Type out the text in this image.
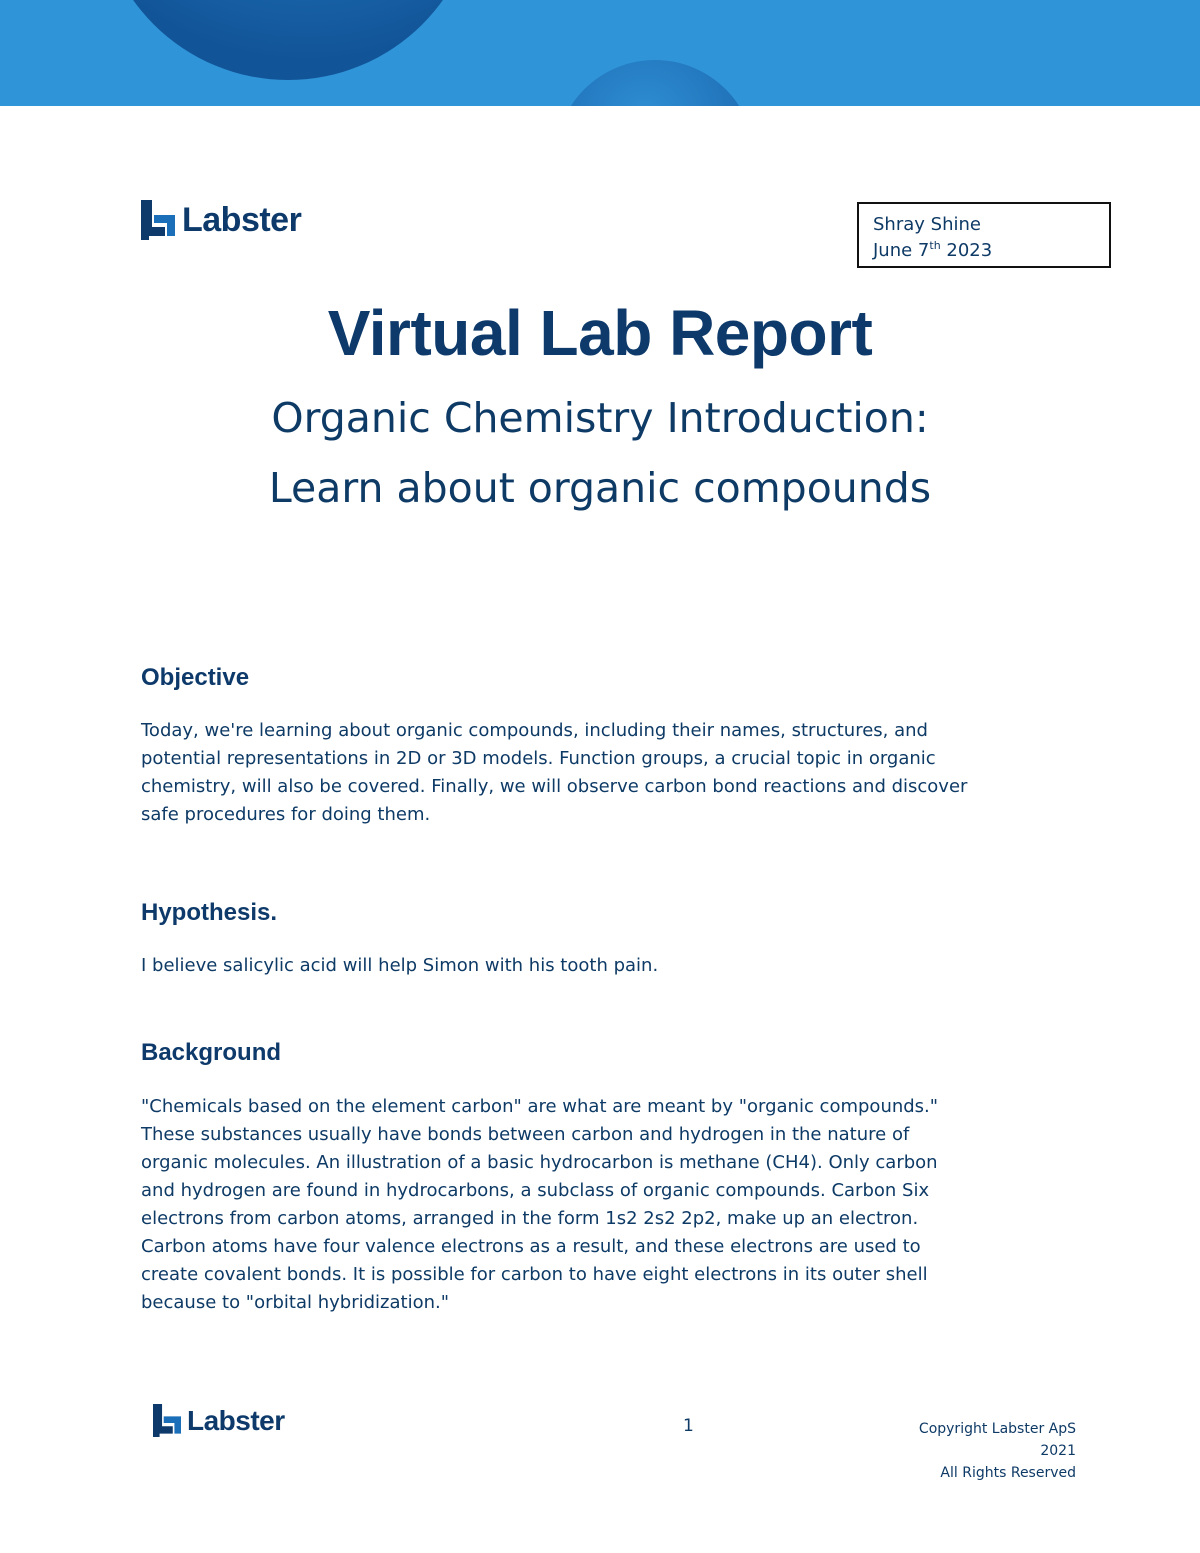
Labster	Shray Shine
June 7th 2023
Virtual Lab Report
Organic Chemistry Introduction:
Learn about organic compounds
Objective
Today, we're learning about organic compounds, including their names, structures, and
potential representations in 2D or 3D models. Function groups, a crucial topic in organic
chemistry, will also be covered. Finally, we will observe carbon bond reactions and discover
safe procedures for doing them.
Hypothesis.
I believe salicylic acid will help Simon with his tooth pain.
Background
"Chemicals based on the element carbon" are what are meant by "organic compounds."
These substances usually have bonds between carbon and hydrogen in the nature of
organic molecules. An illustration of a basic hydrocarbon is methane (CH4). Only carbon
and hydrogen are found in hydrocarbons, a subclass of organic compounds. Carbon Six
electrons from carbon atoms, arranged in the form 1s2 2s2 2p2, make up an electron.
Carbon atoms have four valence electrons as a result, and these electrons are used to
create covalent bonds. It is possible for carbon to have eight electrons in its outer shell
because to "orbital hybridization."
Labster	1	Copyright Labster ApS
2021
All Rights Reserved
